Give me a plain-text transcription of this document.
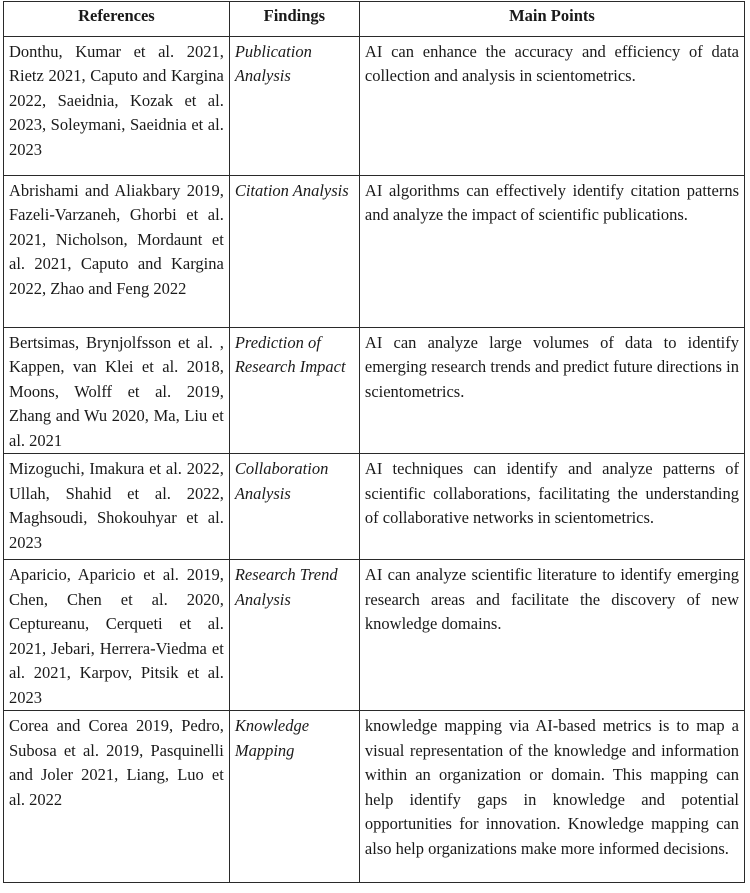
References	Findings	Main Points
Donthu, Kumar et al. 2021, Rietz 2021, Caputo and Kargina 2022, Saeidnia, Kozak et al. 2023, Soleymani, Saeidnia et al. 2023	Publication Analysis	AI can enhance the accuracy and efficiency of data collection and analysis in scientometrics.
Abrishami and Aliakbary 2019, Fazeli-Varzaneh, Ghorbi et al. 2021, Nicholson, Mordaunt et al. 2021, Caputo and Kargina 2022, Zhao and Feng 2022	Citation Analysis	AI algorithms can effectively identify citation patterns and analyze the impact of scientific publications.
Bertsimas, Brynjolfsson et al. , Kappen, van Klei et al. 2018, Moons, Wolff et al. 2019, Zhang and Wu 2020, Ma, Liu et al. 2021	Prediction of Research Impact	AI can analyze large volumes of data to identify emerging research trends and predict future directions in scientometrics.
Mizoguchi, Imakura et al. 2022, Ullah, Shahid et al. 2022, Maghsoudi, Shokouhyar et al. 2023	Collaboration Analysis	AI techniques can identify and analyze patterns of scientific collaborations, facilitating the understanding of collaborative networks in scientometrics.
Aparicio, Aparicio et al. 2019, Chen, Chen et al. 2020, Ceptureanu, Cerqueti et al. 2021, Jebari, Herrera-Viedma et al. 2021, Karpov, Pitsik et al. 2023	Research Trend Analysis	AI can analyze scientific literature to identify emerging research areas and facilitate the discovery of new knowledge domains.
Corea and Corea 2019, Pedro, Subosa et al. 2019, Pasquinelli and Joler 2021, Liang, Luo et al. 2022	Knowledge Mapping	knowledge mapping via AI-based metrics is to map a visual representation of the knowledge and information within an organization or domain. This mapping can help identify gaps in knowledge and potential opportunities for innovation. Knowledge mapping can also help organizations make more informed decisions.
